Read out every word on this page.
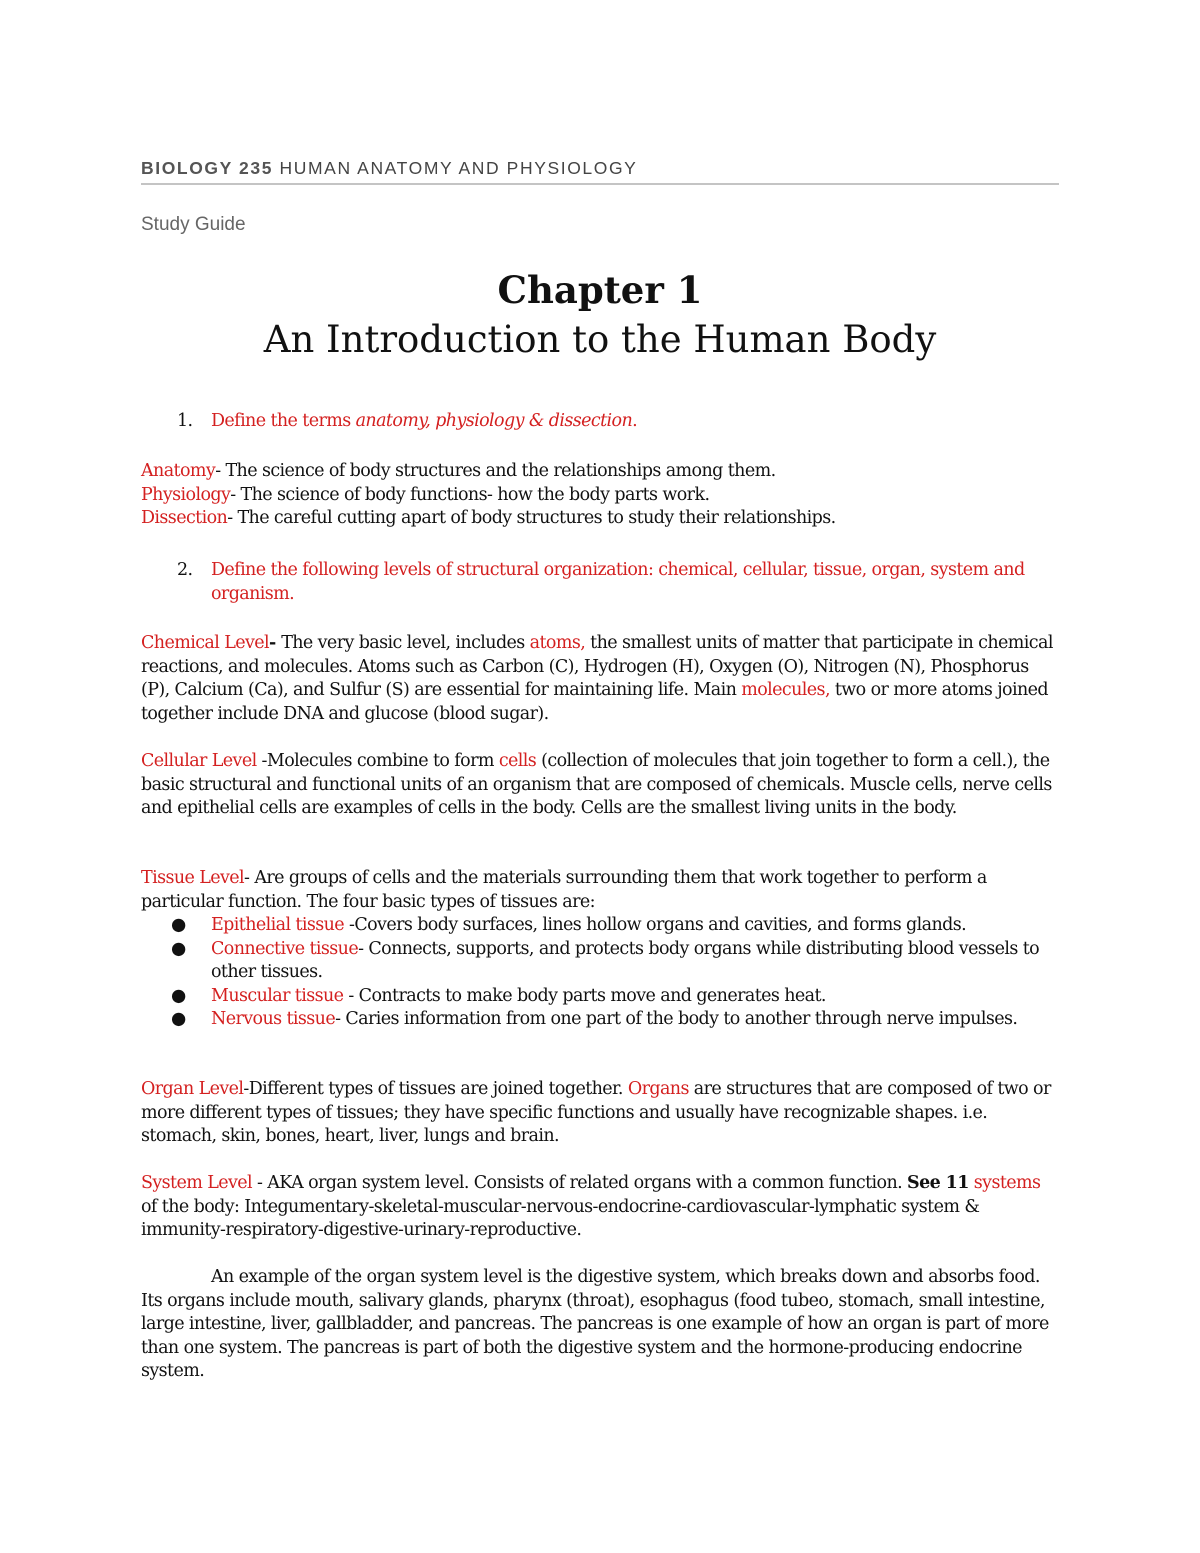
BIOLOGY 235 HUMAN ANATOMY AND PHYSIOLOGY
Study Guide
Chapter 1
An Introduction to the Human Body
1. Define the terms anatomy, physiology & dissection.
Anatomy- The science of body structures and the relationships among them.
Physiology- The science of body functions- how the body parts work.
Dissection- The careful cutting apart of body structures to study their relationships.
2. Define the following levels of structural organization: chemical, cellular, tissue, organ, system and organism.
Chemical Level- The very basic level, includes atoms, the smallest units of matter that participate in chemical reactions, and molecules. Atoms such as Carbon (C), Hydrogen (H), Oxygen (O), Nitrogen (N), Phosphorus (P), Calcium (Ca), and Sulfur (S) are essential for maintaining life. Main molecules, two or more atoms joined together include DNA and glucose (blood sugar).
Cellular Level -Molecules combine to form cells (collection of molecules that join together to form a cell.), the basic structural and functional units of an organism that are composed of chemicals. Muscle cells, nerve cells and epithelial cells are examples of cells in the body. Cells are the smallest living units in the body.
Tissue Level- Are groups of cells and the materials surrounding them that work together to perform a particular function. The four basic types of tissues are:
● Epithelial tissue -Covers body surfaces, lines hollow organs and cavities, and forms glands.
● Connective tissue- Connects, supports, and protects body organs while distributing blood vessels to other tissues.
● Muscular tissue - Contracts to make body parts move and generates heat.
● Nervous tissue- Caries information from one part of the body to another through nerve impulses.
Organ Level-Different types of tissues are joined together. Organs are structures that are composed of two or more different types of tissues; they have specific functions and usually have recognizable shapes. i.e. stomach, skin, bones, heart, liver, lungs and brain.
System Level - AKA organ system level. Consists of related organs with a common function. See 11 systems of the body: Integumentary-skeletal-muscular-nervous-endocrine-cardiovascular-lymphatic system & immunity-respiratory-digestive-urinary-reproductive.
An example of the organ system level is the digestive system, which breaks down and absorbs food. Its organs include mouth, salivary glands, pharynx (throat), esophagus (food tubeo, stomach, small intestine, large intestine, liver, gallbladder, and pancreas. The pancreas is one example of how an organ is part of more than one system. The pancreas is part of both the digestive system and the hormone-producing endocrine system.
